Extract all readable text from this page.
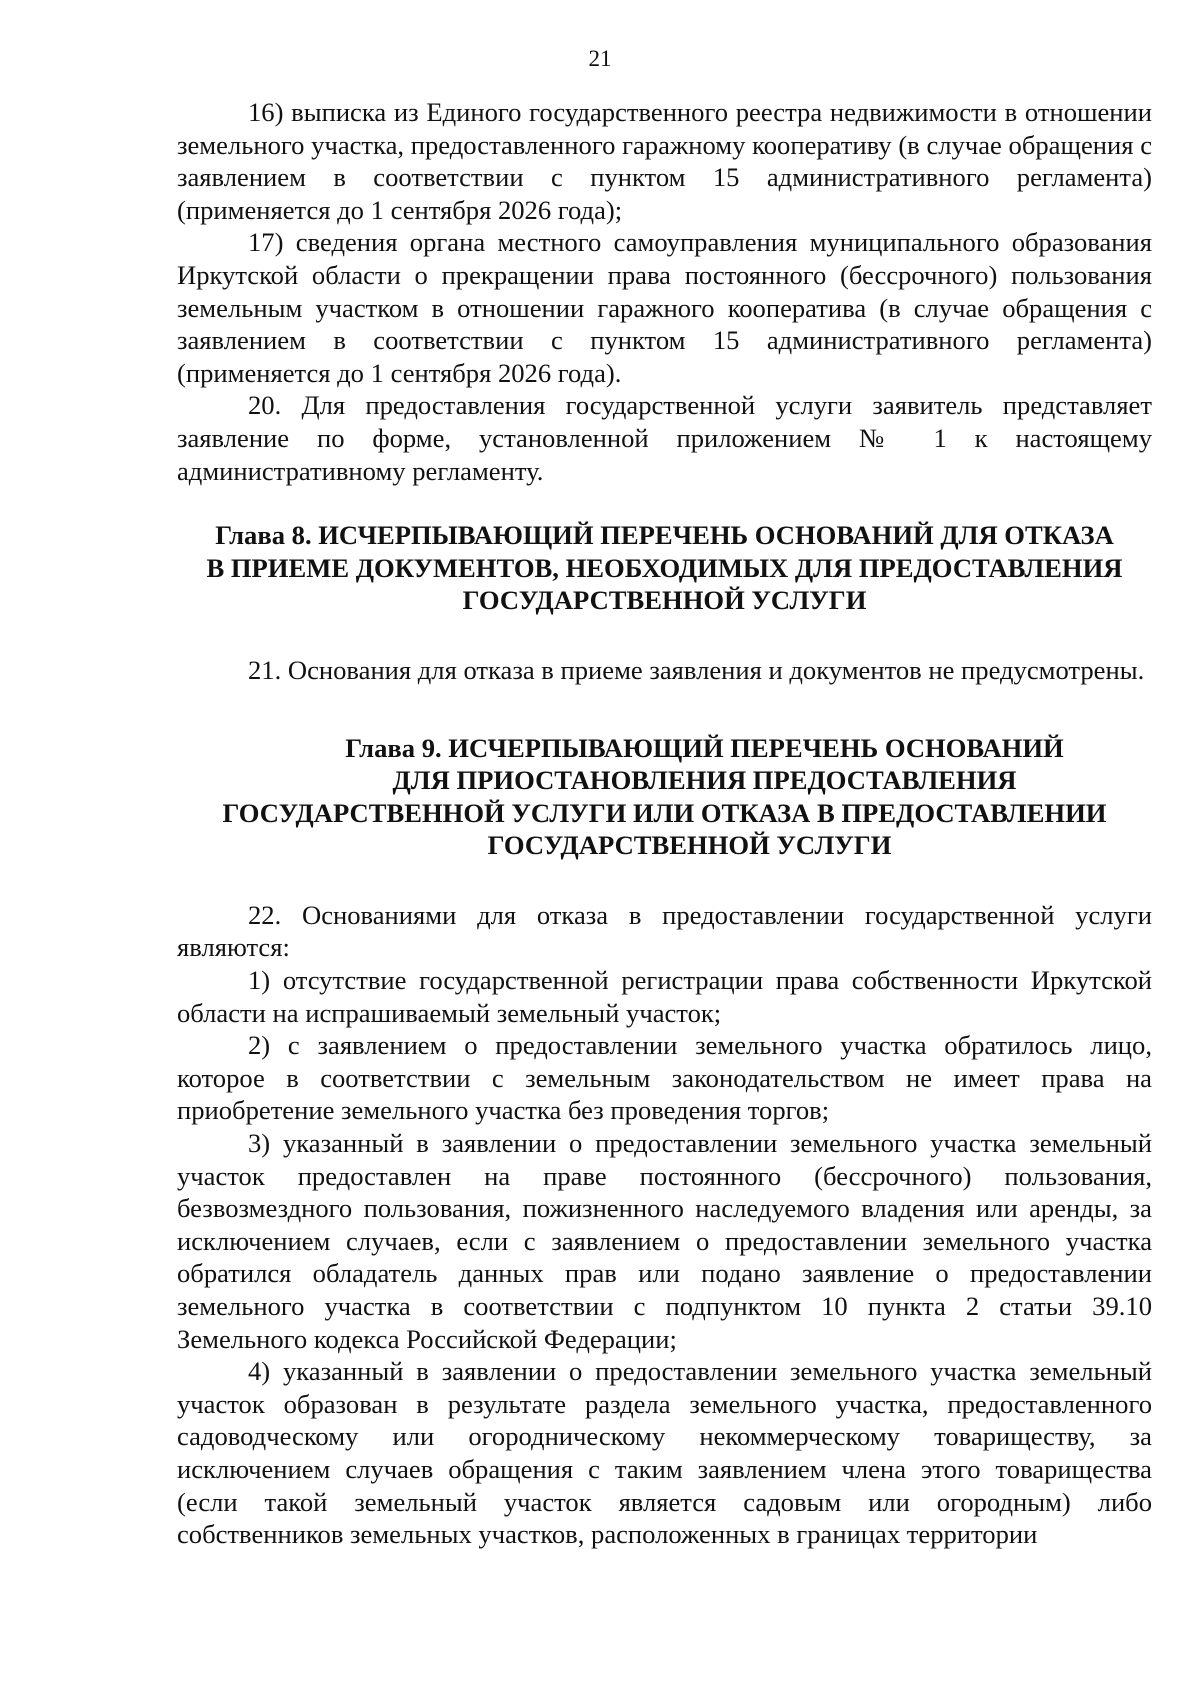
21

16) выписка из Единого государственного реестра недвижимости в отношении земельного участка, предоставленного гаражному кооперативу (в случае обращения с заявлением в соответствии с пунктом 15 административного регламента) (применяется до 1 сентября 2026 года);

17) сведения органа местного самоуправления муниципального образования Иркутской области о прекращении права постоянного (бессрочного) пользования земельным участком в отношении гаражного кооператива (в случае обращения с заявлением в соответствии с пунктом 15 административного регламента) (применяется до 1 сентября 2026 года).

20. Для предоставления государственной услуги заявитель представляет заявление по форме, установленной приложением № 1 к настоящему административному регламенту.

Глава 8. ИСЧЕРПЫВАЮЩИЙ ПЕРЕЧЕНЬ ОСНОВАНИЙ ДЛЯ ОТКАЗА
В ПРИЕМЕ ДОКУМЕНТОВ, НЕОБХОДИМЫХ ДЛЯ ПРЕДОСТАВЛЕНИЯ
ГОСУДАРСТВЕННОЙ УСЛУГИ

21. Основания для отказа в приеме заявления и документов не предусмотрены.

Глава 9. ИСЧЕРПЫВАЮЩИЙ ПЕРЕЧЕНЬ ОСНОВАНИЙ
ДЛЯ ПРИОСТАНОВЛЕНИЯ ПРЕДОСТАВЛЕНИЯ
ГОСУДАРСТВЕННОЙ УСЛУГИ ИЛИ ОТКАЗА В ПРЕДОСТАВЛЕНИИ
ГОСУДАРСТВЕННОЙ УСЛУГИ

22. Основаниями для отказа в предоставлении государственной услуги являются:

1) отсутствие государственной регистрации права собственности Иркутской области на испрашиваемый земельный участок;

2) с заявлением о предоставлении земельного участка обратилось лицо, которое в соответствии с земельным законодательством не имеет права на приобретение земельного участка без проведения торгов;

3) указанный в заявлении о предоставлении земельного участка земельный участок предоставлен на праве постоянного (бессрочного) пользования, безвозмездного пользования, пожизненного наследуемого владения или аренды, за исключением случаев, если с заявлением о предоставлении земельного участка обратился обладатель данных прав или подано заявление о предоставлении земельного участка в соответствии с подпунктом 10 пункта 2 статьи 39.10 Земельного кодекса Российской Федерации;

4) указанный в заявлении о предоставлении земельного участка земельный участок образован в результате раздела земельного участка, предоставленного садоводческому или огородническому некоммерческому товариществу, за исключением случаев обращения с таким заявлением члена этого товарищества (если такой земельный участок является садовым или огородным) либо собственников земельных участков, расположенных в границах территории
